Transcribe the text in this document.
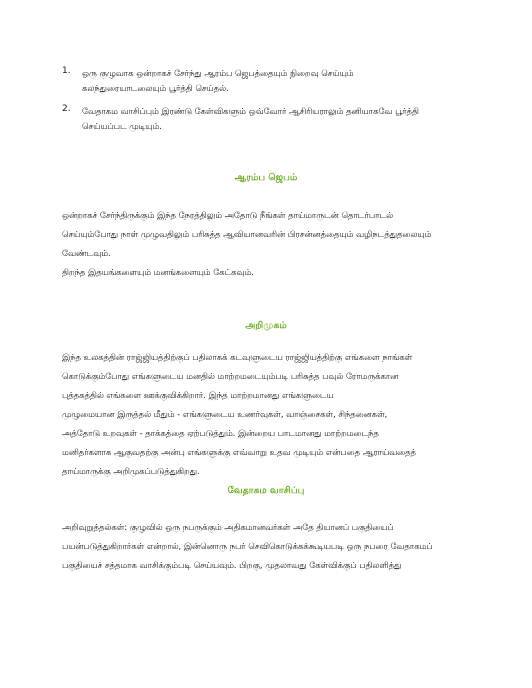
1. ஒரு குழுவாக ஒன்றாகச் சேர்ந்து ஆரம்ப ஜெபத்தையும் நிறைவு செய்யும்
கலந்துரையாடலையும் பூர்த்தி செய்தல்.
2. வேதாகம வாசிப்பும் இரண்டு கேள்விகளும் ஒவ்வோர் ஆசிரியராலும் தனியாகவே பூர்த்தி
செய்யப்பட முடியும்.
ஆரம்ப ஜெபம்
ஒன்றாகச் சேர்ந்திருக்கும் இந்த நேரத்திலும் அதோடு நீங்கள் தாய்மாருடன் தொடர்பாடல்
செய்யும்போது நாள் முழுவதிலும் பரிசுத்த ஆவியானவரின் பிரசன்னத்தையும் வழிநடத்துதலையும்
வேண்டவும்.
திறந்த இதயங்களையும் மனங்களையும் கேட்கவும்.
அறிமுகம்
இந்த உலகத்தின் ராஜ்ஜியத்திற்குப் பதிலாகக் கடவுளுடைய ராஜ்ஜியத்திற்கு எங்களை நாங்கள்
கொடுக்கும்போது எங்களுடைய மனதில் மாற்றமடையும்படி பரிசுத்த பவுல் ரோமருக்கான
புத்தகத்தில் எங்களை ஊக்குவிக்கிறார். இந்த மாற்றமானது எங்களுடைய
முழுமையான இருத்தல் மீதும் - எங்களுடைய உணர்வுகள், வாஞ்சைகள், சிந்தனைகள்,
அத்தோடு உறவுகள் - தாக்கத்தை ஏற்படுத்தும். இன்றைய பாடமானது மாற்றமடைந்த
மனிதர்களாக ஆகுவதற்கு அன்பு எங்களுக்கு எவ்வாறு உதவ முடியும் என்பதை ஆராய்வதைத்
தாய்மாருக்கு அறிமுகப்படுத்துகிறது.
வேதாகம வாசிப்பு
அறிவுறுத்தல்கள்: குழுவில் ஒரு நபருக்கும் அதிகமானவர்கள் அதே தியானப் பகுதியைப்
பயன்படுத்துகிறார்கள் என்றால், இன்னொரு நபர் செவிகொடுக்கக்கூடியபடி ஒரு நபரை வேதாகமப்
பகுதியைச் சத்தமாக வாசிக்கும்படி செய்யவும். பிறகு, முதலாவது கேள்விக்குப் பதிலளித்து
